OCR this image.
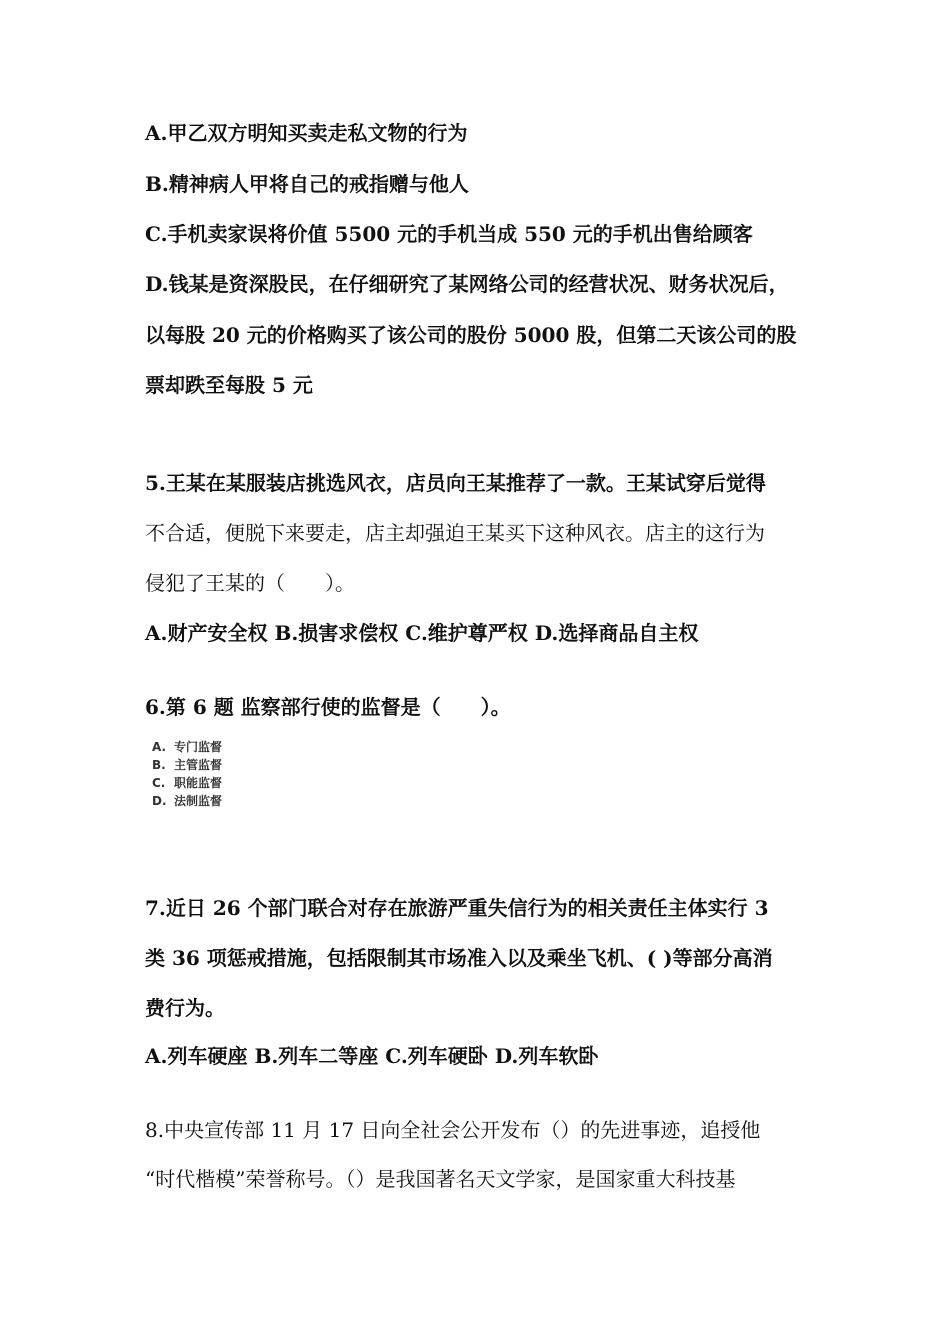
A.甲乙双方明知买卖走私文物的行为
B.精神病人甲将自己的戒指赠与他人
C.手机卖家误将价值 5500 元的手机当成 550 元的手机出售给顾客
D.钱某是资深股民，在仔细研究了某网络公司的经营状况、财务状况后，
以每股 20 元的价格购买了该公司的股份 5000 股，但第二天该公司的股
票却跌至每股 5 元
5.王某在某服装店挑选风衣，店员向王某推荐了一款。王某试穿后觉得
不合适，便脱下来要走，店主却强迫王某买下这种风衣。店主的这行为
侵犯了王某的（　　）。
A.财产安全权 B.损害求偿权 C.维护尊严权 D.选择商品自主权
6.第 6 题 监察部行使的监督是（　　）。
A. 专门监督
B. 主管监督
C. 职能监督
D. 法制监督
7.近日 26 个部门联合对存在旅游严重失信行为的相关责任主体实行 3
类 36 项惩戒措施，包括限制其市场准入以及乘坐飞机、( )等部分高消
费行为。
A.列车硬座 B.列车二等座 C.列车硬卧 D.列车软卧
8.中央宣传部 11 月 17 日向全社会公开发布（）的先进事迹，追授他
“时代楷模”荣誉称号。（）是我国著名天文学家，是国家重大科技基
